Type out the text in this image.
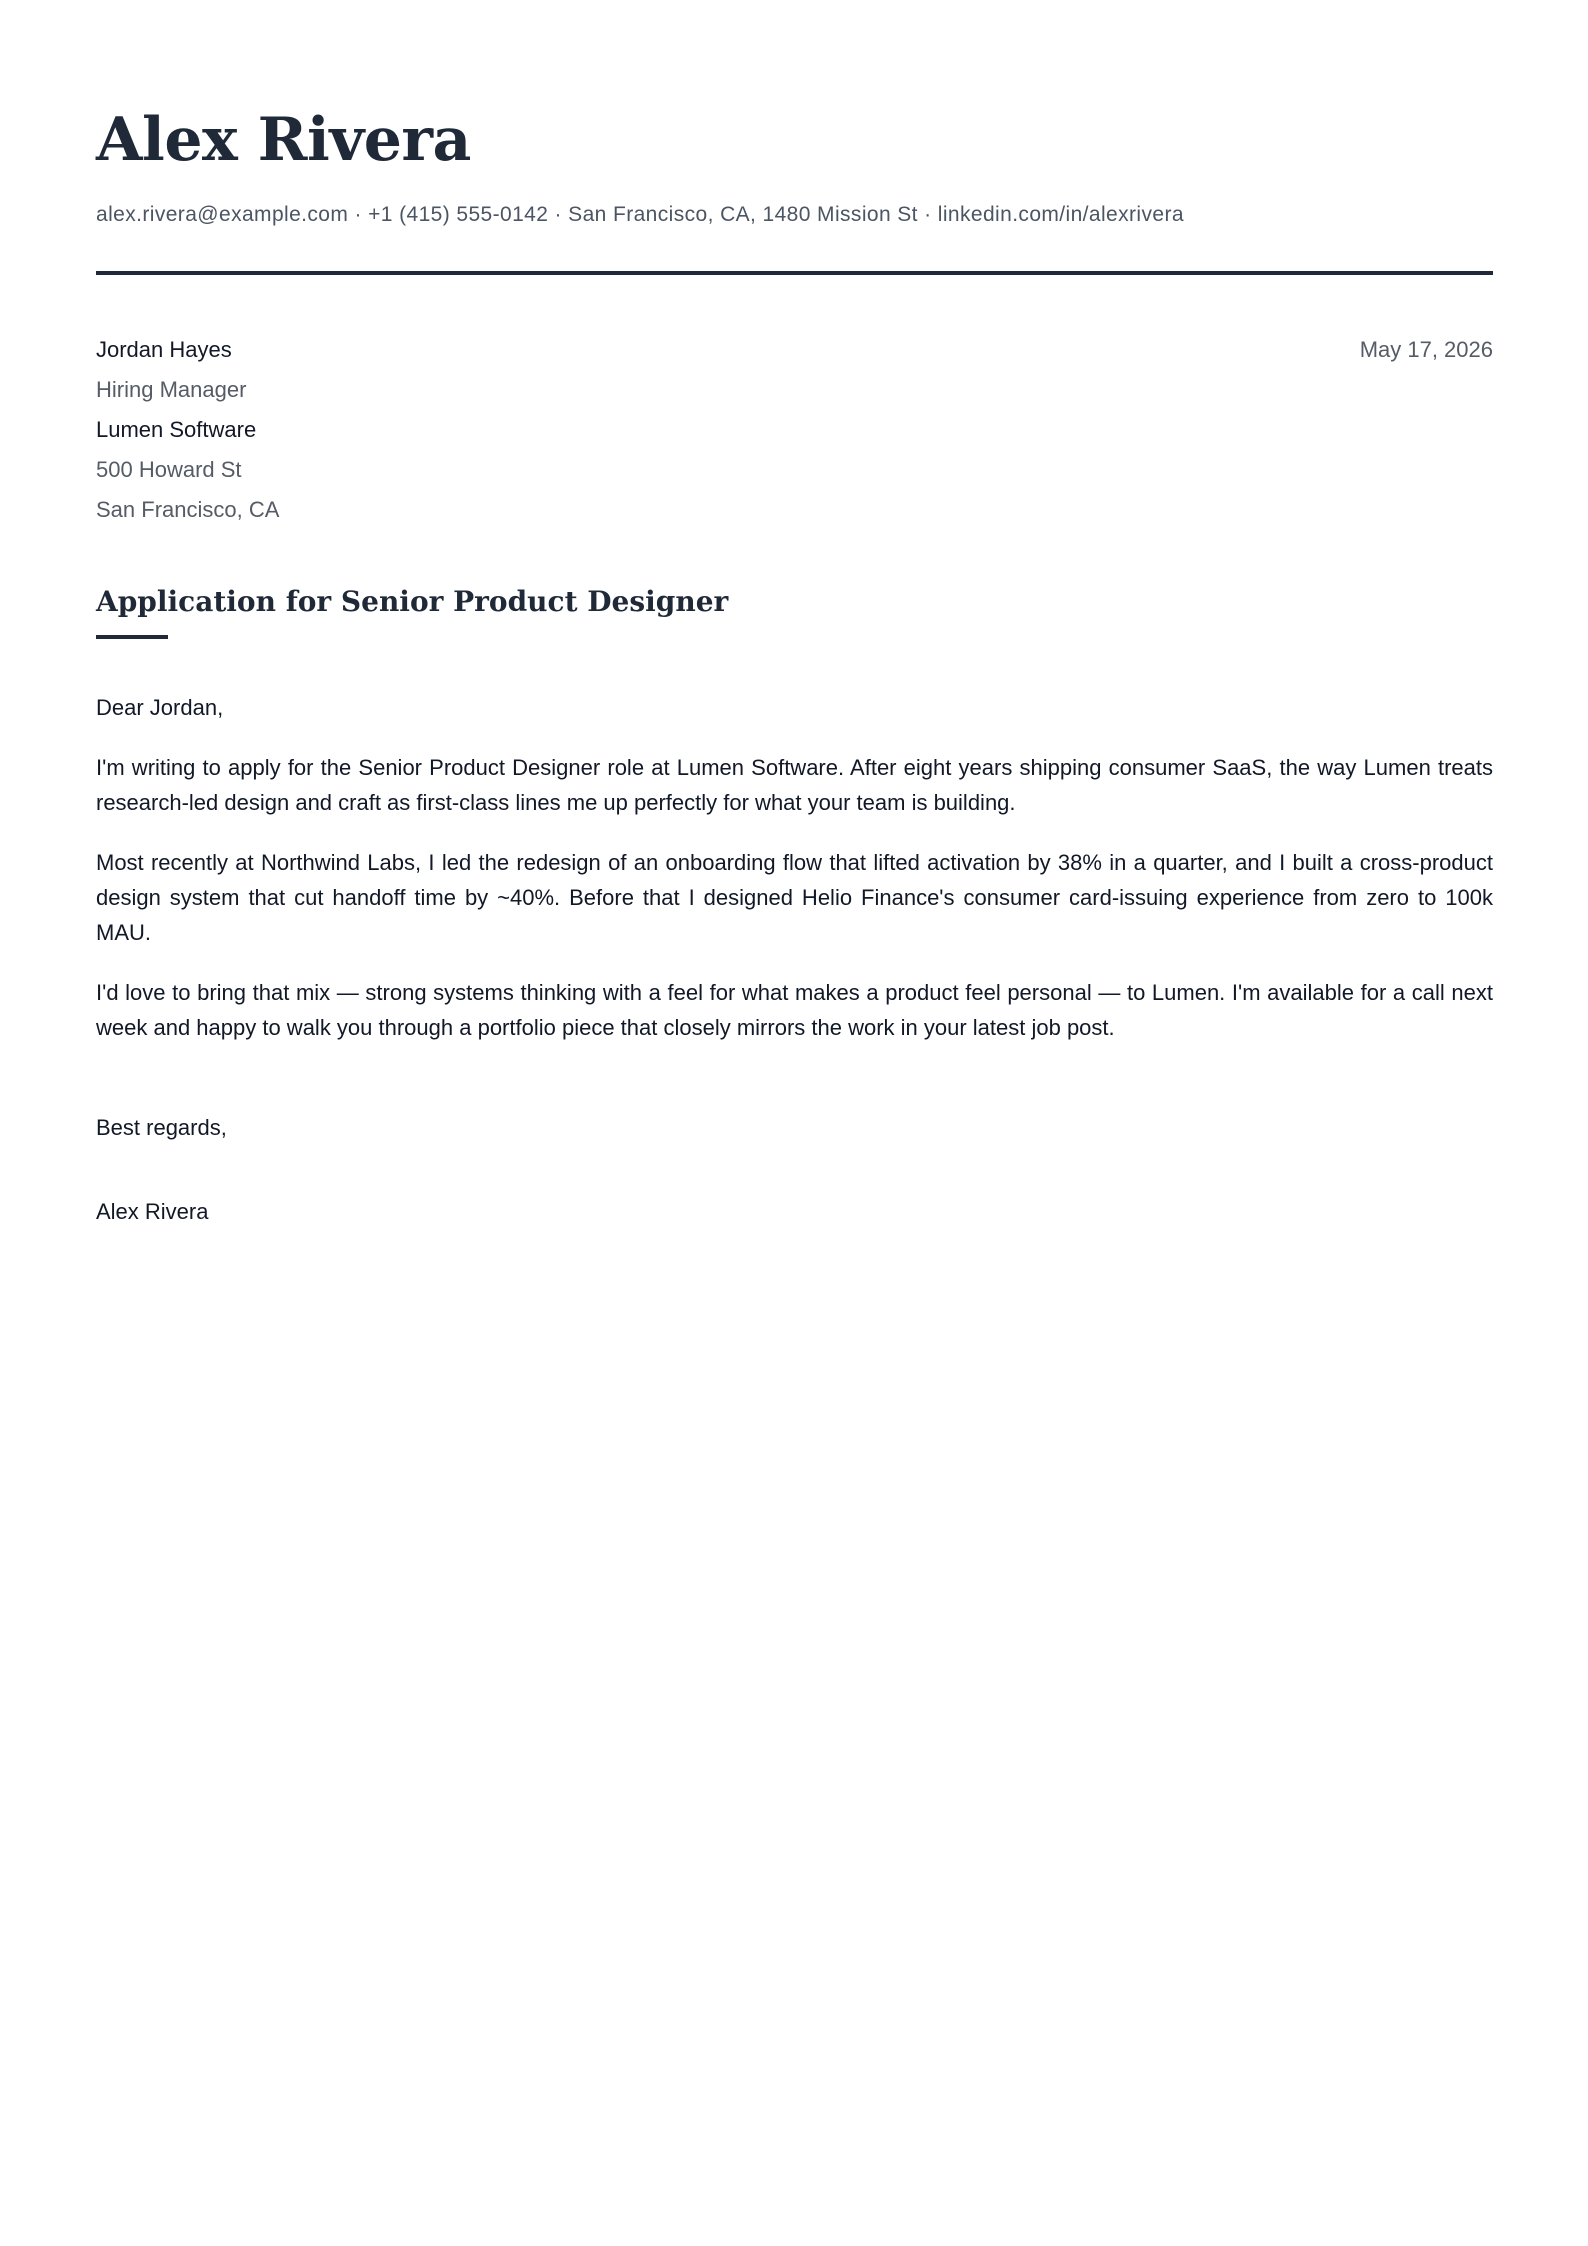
Alex Rivera
alex.rivera@example.com · +1 (415) 555-0142 · San Francisco, CA, 1480 Mission St · linkedin.com/in/alexrivera
Jordan Hayes
Hiring Manager
Lumen Software
500 Howard St
San Francisco, CA
May 17, 2026
Application for Senior Product Designer

Dear Jordan,

I'm writing to apply for the Senior Product Designer role at Lumen Software. After eight years shipping consumer SaaS, the way Lumen treats research-led design and craft as first-class lines me up perfectly for what your team is building.

Most recently at Northwind Labs, I led the redesign of an onboarding flow that lifted activation by 38% in a quarter, and I built a cross-product design system that cut handoff time by ~40%. Before that I designed Helio Finance's consumer card-issuing experience from zero to 100k MAU.

I'd love to bring that mix — strong systems thinking with a feel for what makes a product feel personal — to Lumen. I'm available for a call next week and happy to walk you through a portfolio piece that closely mirrors the work in your latest job post.

Best regards,
Alex Rivera
